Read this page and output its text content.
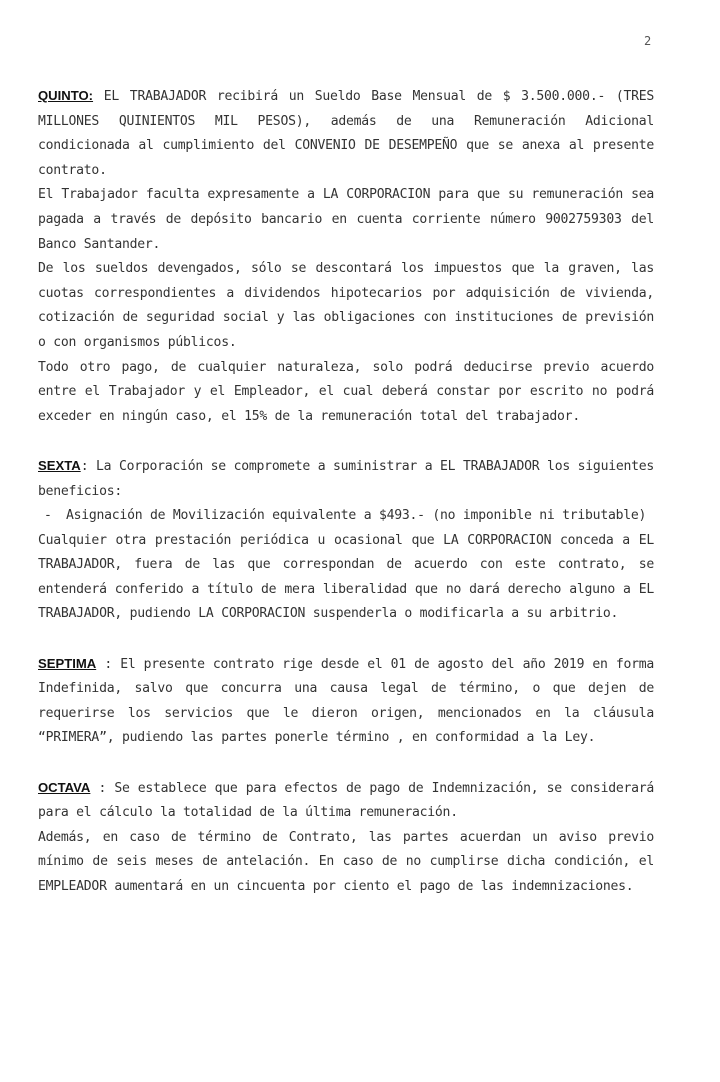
2

QUINTO: EL TRABAJADOR recibirá un Sueldo Base Mensual de $ 3.500.000.- (TRES MILLONES QUINIENTOS MIL PESOS), además de una Remuneración Adicional condicionada al cumplimiento del CONVENIO DE DESEMPEÑO que se anexa al presente contrato.

El Trabajador faculta expresamente a LA CORPORACION para que su remuneración sea pagada a través de depósito bancario en cuenta corriente número 9002759303 del Banco Santander.

De los sueldos devengados, sólo se descontará los impuestos que la graven, las cuotas correspondientes a dividendos hipotecarios por adquisición de vivienda, cotización de seguridad social y las obligaciones con instituciones de previsión o con organismos públicos.

Todo otro pago, de cualquier naturaleza, solo podrá deducirse previo acuerdo entre el Trabajador y el Empleador, el cual deberá constar por escrito no podrá exceder en ningún caso, el 15% de la remuneración total del trabajador.

SEXTA: La Corporación se compromete a suministrar a EL TRABAJADOR los siguientes beneficios:

-	Asignación de Movilización equivalente a $493.- (no imponible ni tributable)

Cualquier otra prestación periódica u ocasional que LA CORPORACION conceda a EL TRABAJADOR, fuera de las que correspondan de acuerdo con este contrato, se entenderá conferido a título de mera liberalidad que no dará derecho alguno a EL TRABAJADOR, pudiendo LA CORPORACION suspenderla o modificarla a su arbitrio.

SEPTIMA : El presente contrato rige desde el 01 de agosto del año 2019 en forma Indefinida, salvo que concurra una causa legal de término, o que dejen de requerirse los servicios que le dieron origen, mencionados en la cláusula “PRIMERA”, pudiendo las partes ponerle término , en conformidad a la Ley.

OCTAVA : Se establece que para efectos de pago de Indemnización, se considerará para el cálculo la totalidad de la última remuneración.

Además, en caso de término de Contrato, las partes acuerdan un aviso previo mínimo de seis meses de antelación. En caso de no cumplirse dicha condición, el EMPLEADOR aumentará en un cincuenta por ciento el pago de las indemnizaciones.
